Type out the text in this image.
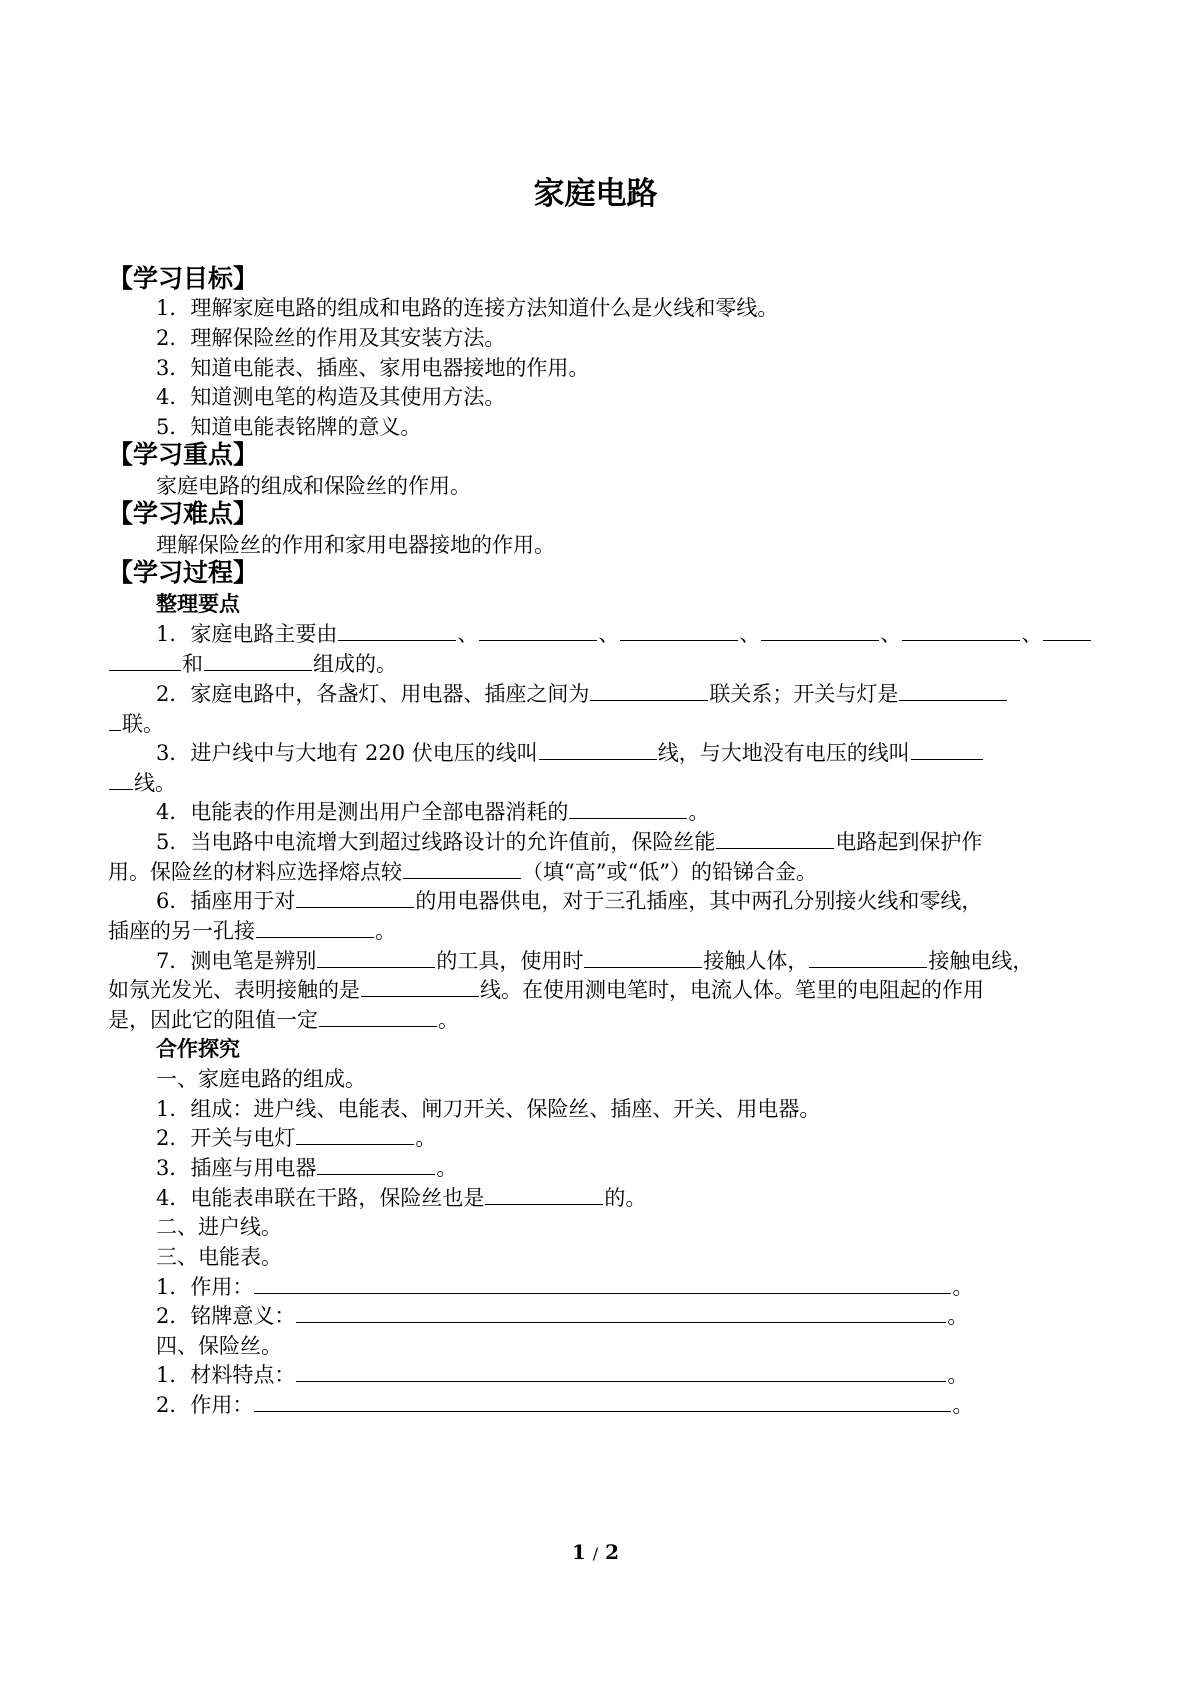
家庭电路
【学习目标】
1．理解家庭电路的组成和电路的连接方法知道什么是火线和零线。
2．理解保险丝的作用及其安装方法。
3．知道电能表、插座、家用电器接地的作用。
4．知道测电笔的构造及其使用方法。
5．知道电能表铭牌的意义。
【学习重点】
家庭电路的组成和保险丝的作用。
【学习难点】
理解保险丝的作用和家用电器接地的作用。
【学习过程】
整理要点
1．家庭电路主要由	、	、	、	、	、
和	组成的。
2．家庭电路中，各盏灯、用电器、插座之间为	联关系；开关与灯是
联。
3．进户线中与大地有 220 伏电压的线叫	线，与大地没有电压的线叫
线。
4．电能表的作用是测出用户全部电器消耗的	。
5．当电路中电流增大到超过线路设计的允许值前，保险丝能	电路起到保护作
用。保险丝的材料应选择熔点较	（填“高”或“低”）的铅锑合金。
6．插座用于对	的用电器供电，对于三孔插座，其中两孔分别接火线和零线，
插座的另一孔接	。
7．测电笔是辨别	的工具，使用时	接触人体，	接触电线，
如氖光发光、表明接触的是	线。在使用测电笔时，电流人体。笔里的电阻起的作用
是，因此它的阻值一定	。
合作探究
一、家庭电路的组成。
1．组成：进户线、电能表、闸刀开关、保险丝、插座、开关、用电器。
2．开关与电灯	。
3．插座与用电器	。
4．电能表串联在干路，保险丝也是	的。
二、进户线。
三、电能表。
1．作用：	。
2．铭牌意义：	。
四、保险丝。
1．材料特点：	。
2．作用：	。
1 / 2
